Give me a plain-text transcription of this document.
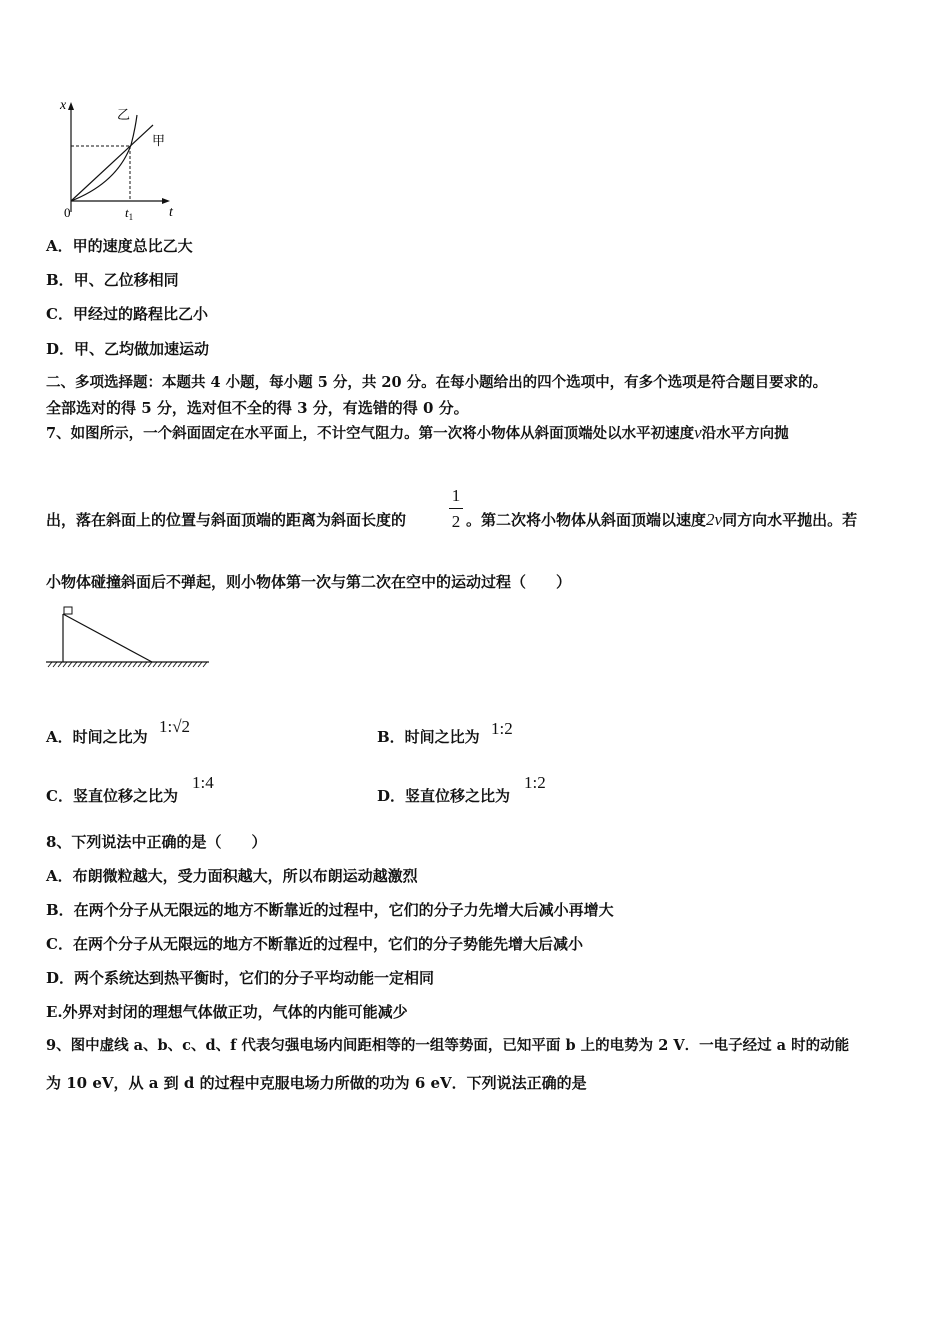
x
t
0	$t_1$
乙
甲
A．甲的速度总比乙大
B．甲、乙位移相同
C．甲经过的路程比乙小
D．甲、乙均做加速运动
二、多项选择题：本题共 4 小题，每小题 5 分，共 20 分。在每小题给出的四个选项中，有多个选项是符合题目要求的。
全部选对的得 5 分，选对但不全的得 3 分，有选错的得 0 分。
7、如图所示，一个斜面固定在水平面上，不计空气阻力。第一次将小物体从斜面顶端处以水平初速度v沿水平方向抛
1
2
出，落在斜面上的位置与斜面顶端的距离为斜面长度的	。第二次将小物体从斜面顶端以速度2v同方向水平抛出。若
小物体碰撞斜面后不弹起，则小物体第一次与第二次在空中的运动过程（　　）
A．时间之比为
1:√2
B．时间之比为 1:2
C．竖直位移之比为
1:4
D．竖直位移之比为
1:2
8、下列说法中正确的是（　　）
A．布朗微粒越大，受力面积越大，所以布朗运动越激烈
B．在两个分子从无限远的地方不断靠近的过程中，它们的分子力先增大后减小再增大
C．在两个分子从无限远的地方不断靠近的过程中，它们的分子势能先增大后减小
D．两个系统达到热平衡时，它们的分子平均动能一定相同
E.外界对封闭的理想气体做正功，气体的内能可能减少
9、图中虚线 a、b、c、d、f 代表匀强电场内间距相等的一组等势面，已知平面 b 上的电势为 2 V．一电子经过 a 时的动能
为 10 eV，从 a 到 d 的过程中克服电场力所做的功为 6 eV．下列说法正确的是
